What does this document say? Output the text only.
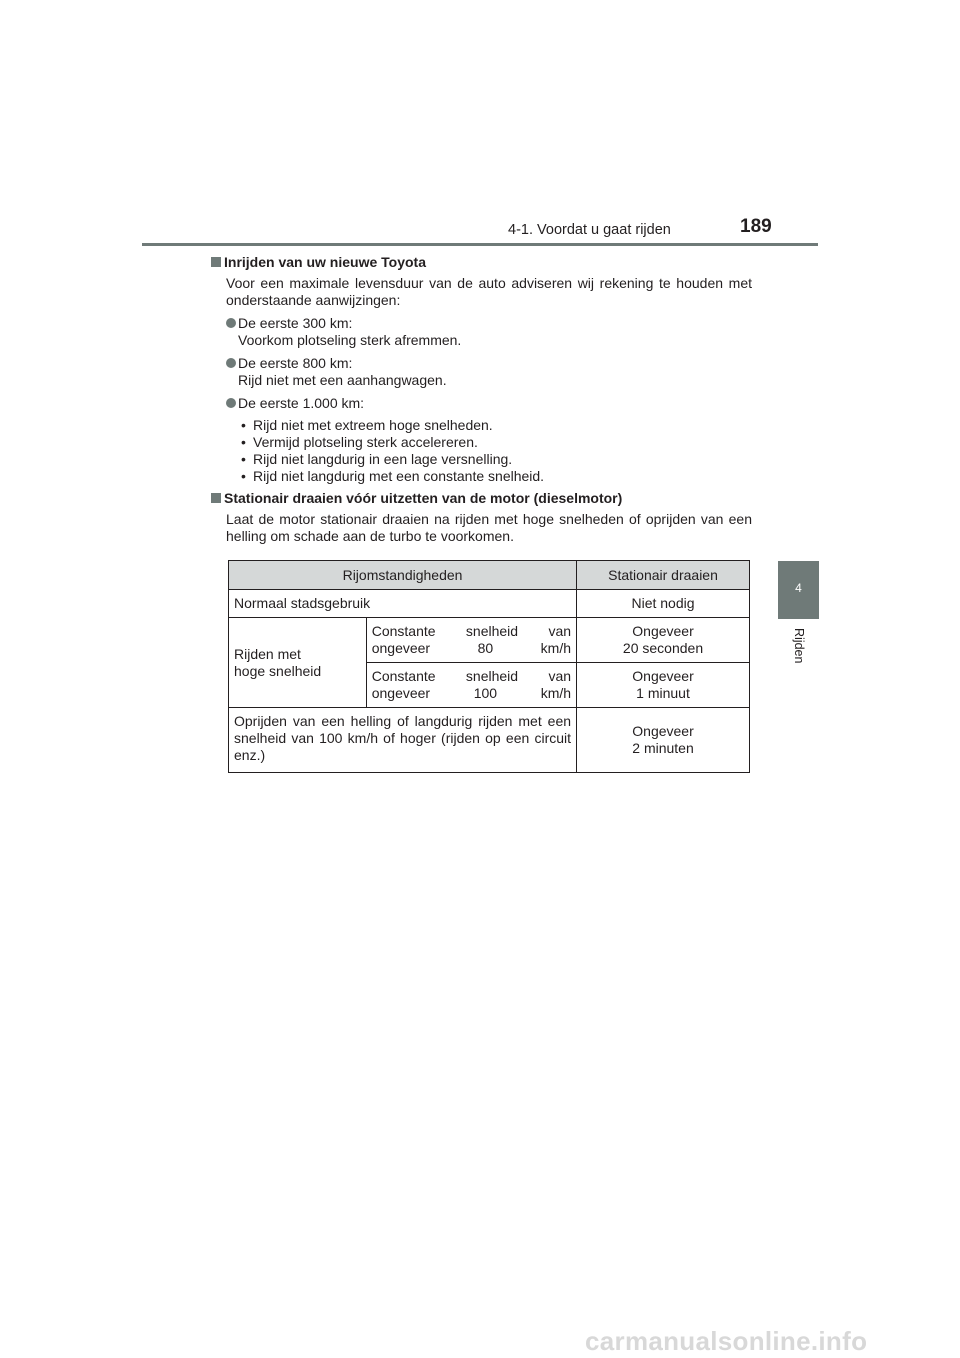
4-1. Voordat u gaat rijden	189
4
Rijden

Inrijden van uw nieuwe Toyota

Voor een maximale levensduur van de auto adviseren wij rekening te houden met onderstaande aanwijzingen:

De eerste 300 km:
Voorkom plotseling sterk afremmen.
De eerste 800 km:
Rijd niet met een aanhangwagen.
De eerste 1.000 km:
• Rijd niet met extreem hoge snelheden.
• Vermijd plotseling sterk accelereren.
• Rijd niet langdurig in een lage versnelling.
• Rijd niet langdurig met een constante snelheid.

Stationair draaien vóór uitzetten van de motor (dieselmotor)

Laat de motor stationair draaien na rijden met hoge snelheden of oprijden van een helling om schade aan de turbo te voorkomen.

Rijomstandigheden		Stationair draaien
Normaal stadsgebruik		Niet nodig
Rijden met
hoge snelheid	Constante snelheid van ongeveer 80 km/h	Ongeveer
20 seconden
	Constante snelheid van ongeveer 100 km/h	Ongeveer
1 minuut
Oprijden van een helling of langdurig rijden met een snelheid van 100 km/h of hoger (rijden op een circuit enz.)		Ongeveer
2 minuten
carmanualsonline.info
